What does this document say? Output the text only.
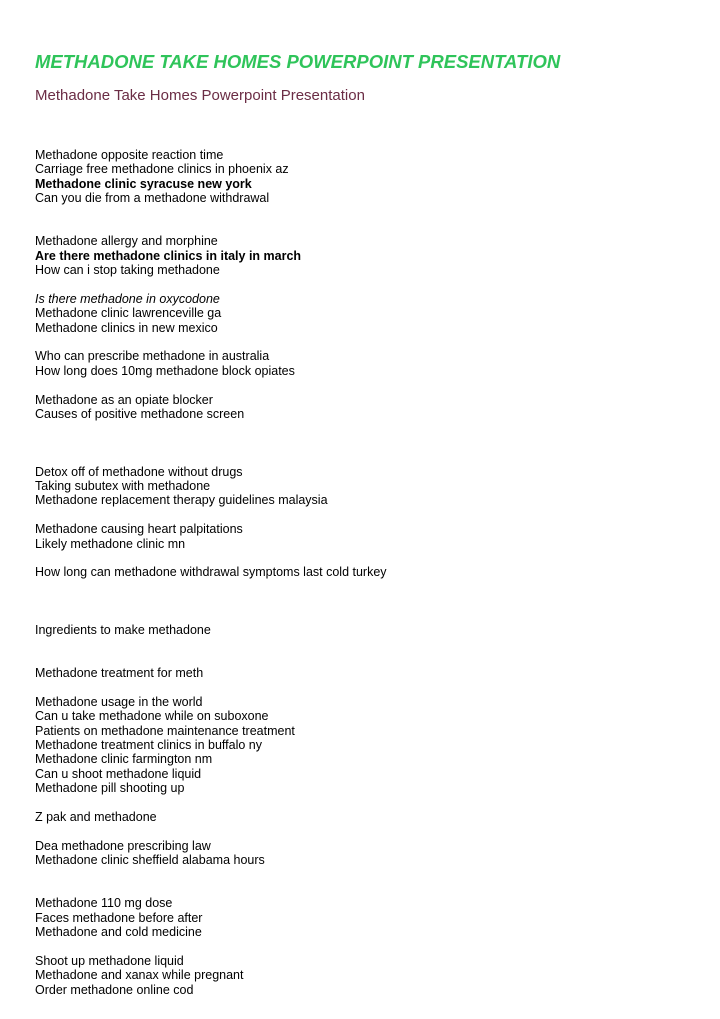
METHADONE TAKE HOMES POWERPOINT PRESENTATION
Methadone Take Homes Powerpoint Presentation
Methadone opposite reaction time
Carriage free methadone clinics in phoenix az
Methadone clinic syracuse new york
Can you die from a methadone withdrawal
Methadone allergy and morphine
Are there methadone clinics in italy in march
How can i stop taking methadone
Is there methadone in oxycodone
Methadone clinic lawrenceville ga
Methadone clinics in new mexico
Who can prescribe methadone in australia
How long does 10mg methadone block opiates
Methadone as an opiate blocker
Causes of positive methadone screen
Detox off of methadone without drugs
Taking subutex with methadone
Methadone replacement therapy guidelines malaysia
Methadone causing heart palpitations
Likely methadone clinic mn
How long can methadone withdrawal symptoms last cold turkey
Ingredients to make methadone
Methadone treatment for meth
Methadone usage in the world
Can u take methadone while on suboxone
Patients on methadone maintenance treatment
Methadone treatment clinics in buffalo ny
Methadone clinic farmington nm
Can u shoot methadone liquid
Methadone pill shooting up
Z pak and methadone
Dea methadone prescribing law
Methadone clinic sheffield alabama hours
Methadone 110 mg dose
Faces methadone before after
Methadone and cold medicine
Shoot up methadone liquid
Methadone and xanax while pregnant
Order methadone online cod
